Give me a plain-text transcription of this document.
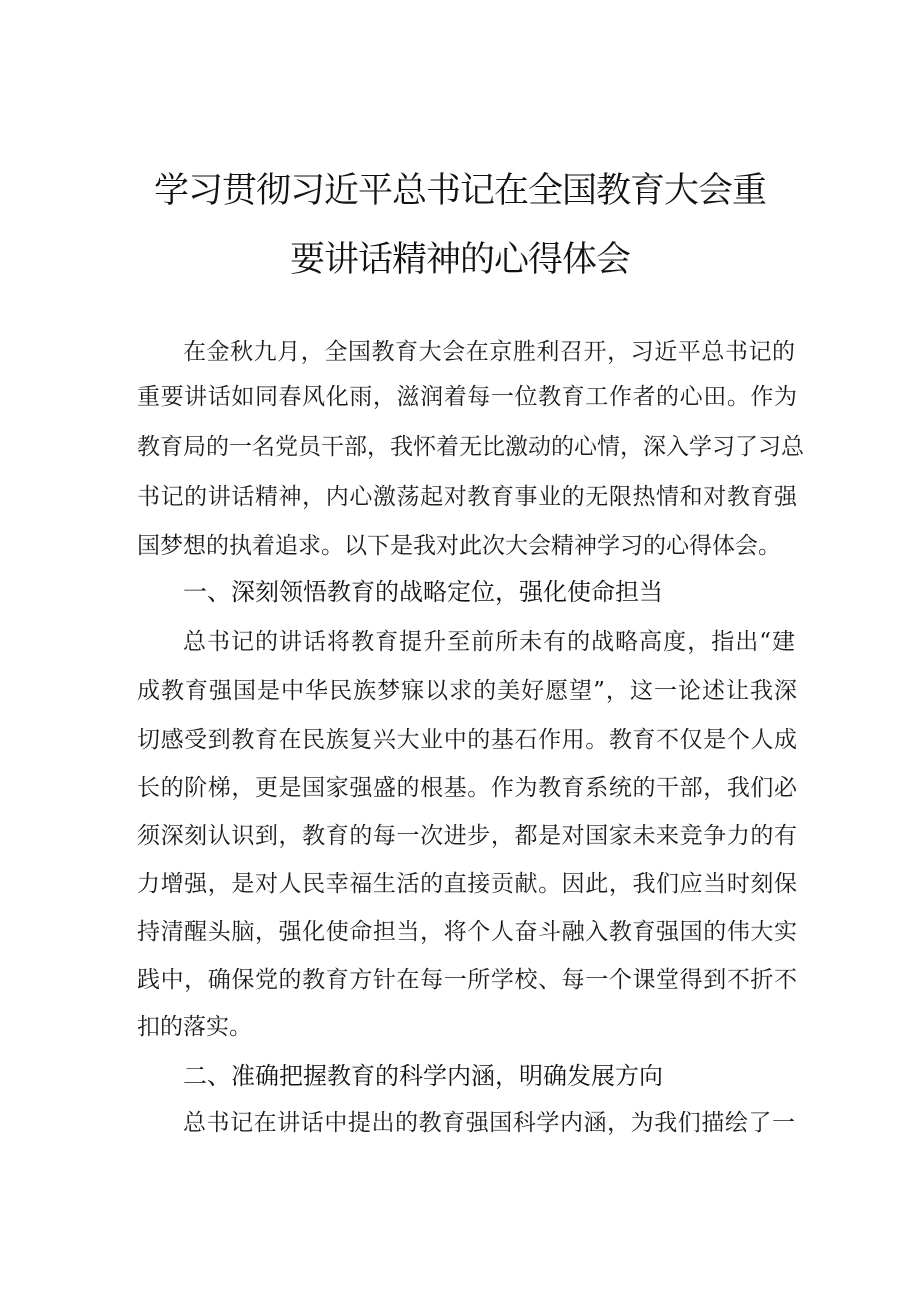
学习贯彻习近平总书记在全国教育大会重
要讲话精神的心得体会
在金秋九月，全国教育大会在京胜利召开，习近平总书记的
重要讲话如同春风化雨，滋润着每一位教育工作者的心田。作为
教育局的一名党员干部，我怀着无比激动的心情，深入学习了习总
书记的讲话精神，内心激荡起对教育事业的无限热情和对教育强
国梦想的执着追求。以下是我对此次大会精神学习的心得体会。
一、深刻领悟教育的战略定位，强化使命担当
总书记的讲话将教育提升至前所未有的战略高度，指出“建
成教育强国是中华民族梦寐以求的美好愿望”，这一论述让我深
切感受到教育在民族复兴大业中的基石作用。教育不仅是个人成
长的阶梯，更是国家强盛的根基。作为教育系统的干部，我们必
须深刻认识到，教育的每一次进步，都是对国家未来竞争力的有
力增强，是对人民幸福生活的直接贡献。因此，我们应当时刻保
持清醒头脑，强化使命担当，将个人奋斗融入教育强国的伟大实
践中，确保党的教育方针在每一所学校、每一个课堂得到不折不
扣的落实。
二、准确把握教育的科学内涵，明确发展方向
总书记在讲话中提出的教育强国科学内涵，为我们描绘了一
